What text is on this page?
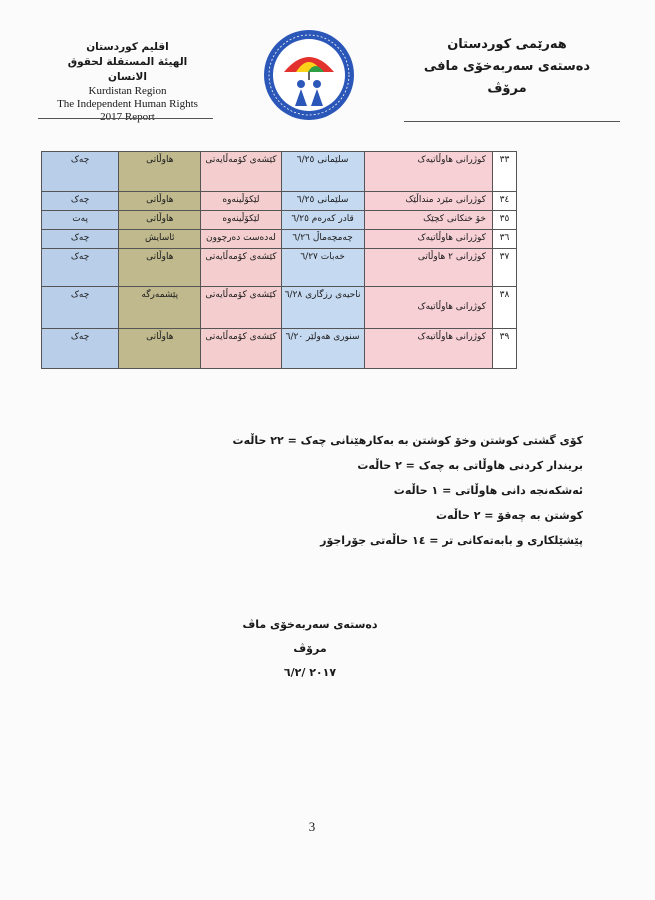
هەرێمی کوردستان
دەستەی سەربەخۆی مافی مرۆڤ
اقليم كوردستان
الهيئة المستقلة لحقوق الانسان
Kurdistan Region
The Independent Human Rights
2017 Report
٣٣	کوژرانی هاوڵاتیەک	سلێمانی ٦/٢٥	کێشەی کۆمەڵایەتی	هاوڵاتی	چەک
٣٤	کوژرانی مێرد منداڵێک	سلێمانی ٦/٢٥	لێکۆڵینەوە	هاوڵاتی	چەک
٣٥	خۆ خنکانی کچێک	قادر کەرەم ٦/٢٥	لێکۆڵینەوە	هاوڵاتی	پەت
٣٦	کوژرانی هاوڵاتیەک	چەمچەماڵ ٦/٢٦	لەدەست دەرچوون	ئاسایش	چەک
٣٧	کوژرانی ٢ هاوڵاتی	خەبات ٦/٢٧	کێشەی کۆمەڵایەتی	هاوڵاتی	چەک
٣٨	کوژرانی هاوڵاتیەک	ناحیەی رزگاری ٦/٢٨	کێشەی کۆمەڵایەتی	پێشمەرگە	چەک
٣٩	کوژرانی هاوڵاتیەک	سنوری هەولێر ٦/٢٠	کێشەی کۆمەڵایەتی	هاوڵاتی	چەک
کۆی گشتی کوشتن وخۆ کوشتن بە بەکارهێنانی چەک = ٢٢ حاڵەت
بریندار کردنی هاوڵاتی بە چەک = ٢ حاڵەت
ئەشکەنجە دانی هاوڵاتی = ١ حاڵەت
کوشتن بە چەقۆ = ٢ حاڵەت
پێشێلکاری و بابەتەکانی تر = ١٤ حاڵەتی جۆراجۆر
دەستەی سەربەخۆی ماڤ مرۆڤ
٢٠١٧ /٦/٢
3
